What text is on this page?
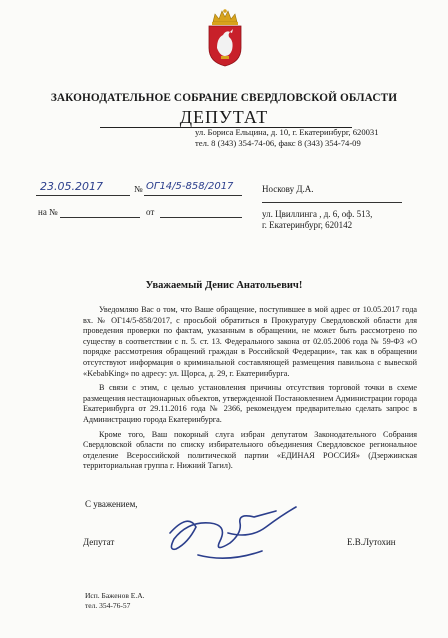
ЗАКОНОДАТЕЛЬНОЕ СОБРАНИЕ СВЕРДЛОВСКОЙ ОБЛАСТИ
ДЕПУТАТ
ул. Бориса Ельцина, д. 10, г. Екатеринбург, 620031
тел. 8 (343) 354-74-06, факс 8 (343) 354-74-09
23.05.2017	№ ОГ14/5-858/2017
на №	от
Носкову Д.А.
ул. Цвиллинга , д. 6, оф. 513,
г. Екатеринбург, 620142
Уважаемый Денис Анатольевич!

Уведомляю Вас о том, что Ваше обращение, поступившее в мой адрес от 10.05.2017 года вх. № ОГ14/5-858/2017, с просьбой обратиться в Прокуратуру Свердловской области для проведения проверки по фактам, указанным в обращении, не может быть рассмотрено по существу в соответствии с п. 5. ст. 13. Федерального закона от 02.05.2006 года № 59-ФЗ «О порядке рассмотрения обращений граждан в Российской Федерации», так как в обращении отсутствуют информация о криминальной составляющей размещения павильона с вывеской «KebabKing» по адресу: ул. Щорса, д. 29, г. Екатеринбурга.

В связи с этим, с целью установления причины отсутствия торговой точки в схеме размещения нестационарных объектов, утвержденной Постановлением Администрации города Екатеринбурга от 29.11.2016 года № 2366, рекомендуем предварительно сделать запрос в Администрацию города Екатеринбурга.

Кроме того, Ваш покорный слуга избран депутатом Законодательного Собрания Свердловской области по списку избирательного объединения Свердловское региональное отделение Всероссийской политической партии «ЕДИНАЯ РОССИЯ» (Дзержинская территориальная группа г. Нижний Тагил).

С уважением,
Депутат	Е.В.Лутохин
Исп. Баженов Е.А.
тел. 354-76-57
